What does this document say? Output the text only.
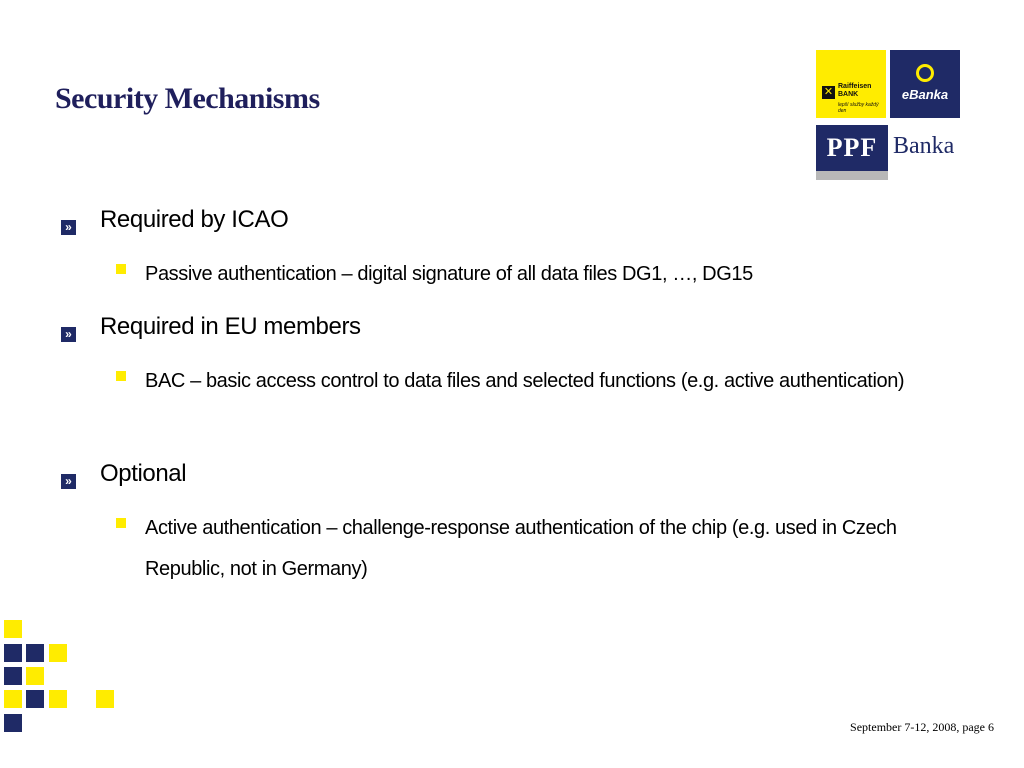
Security Mechanisms	✕ Raiffeisen BANK
lepší služby každý den
eBanka
PPF Banka
» Required by ICAO
Passive authentication – digital signature of all data files DG1, …, DG15
» Required in EU members
BAC – basic access control to data files and selected functions (e.g. active authentication)
» Optional
Active authentication – challenge-response authentication of the chip (e.g. used in Czech Republic, not in Germany)
September 7-12, 2008, page 6
